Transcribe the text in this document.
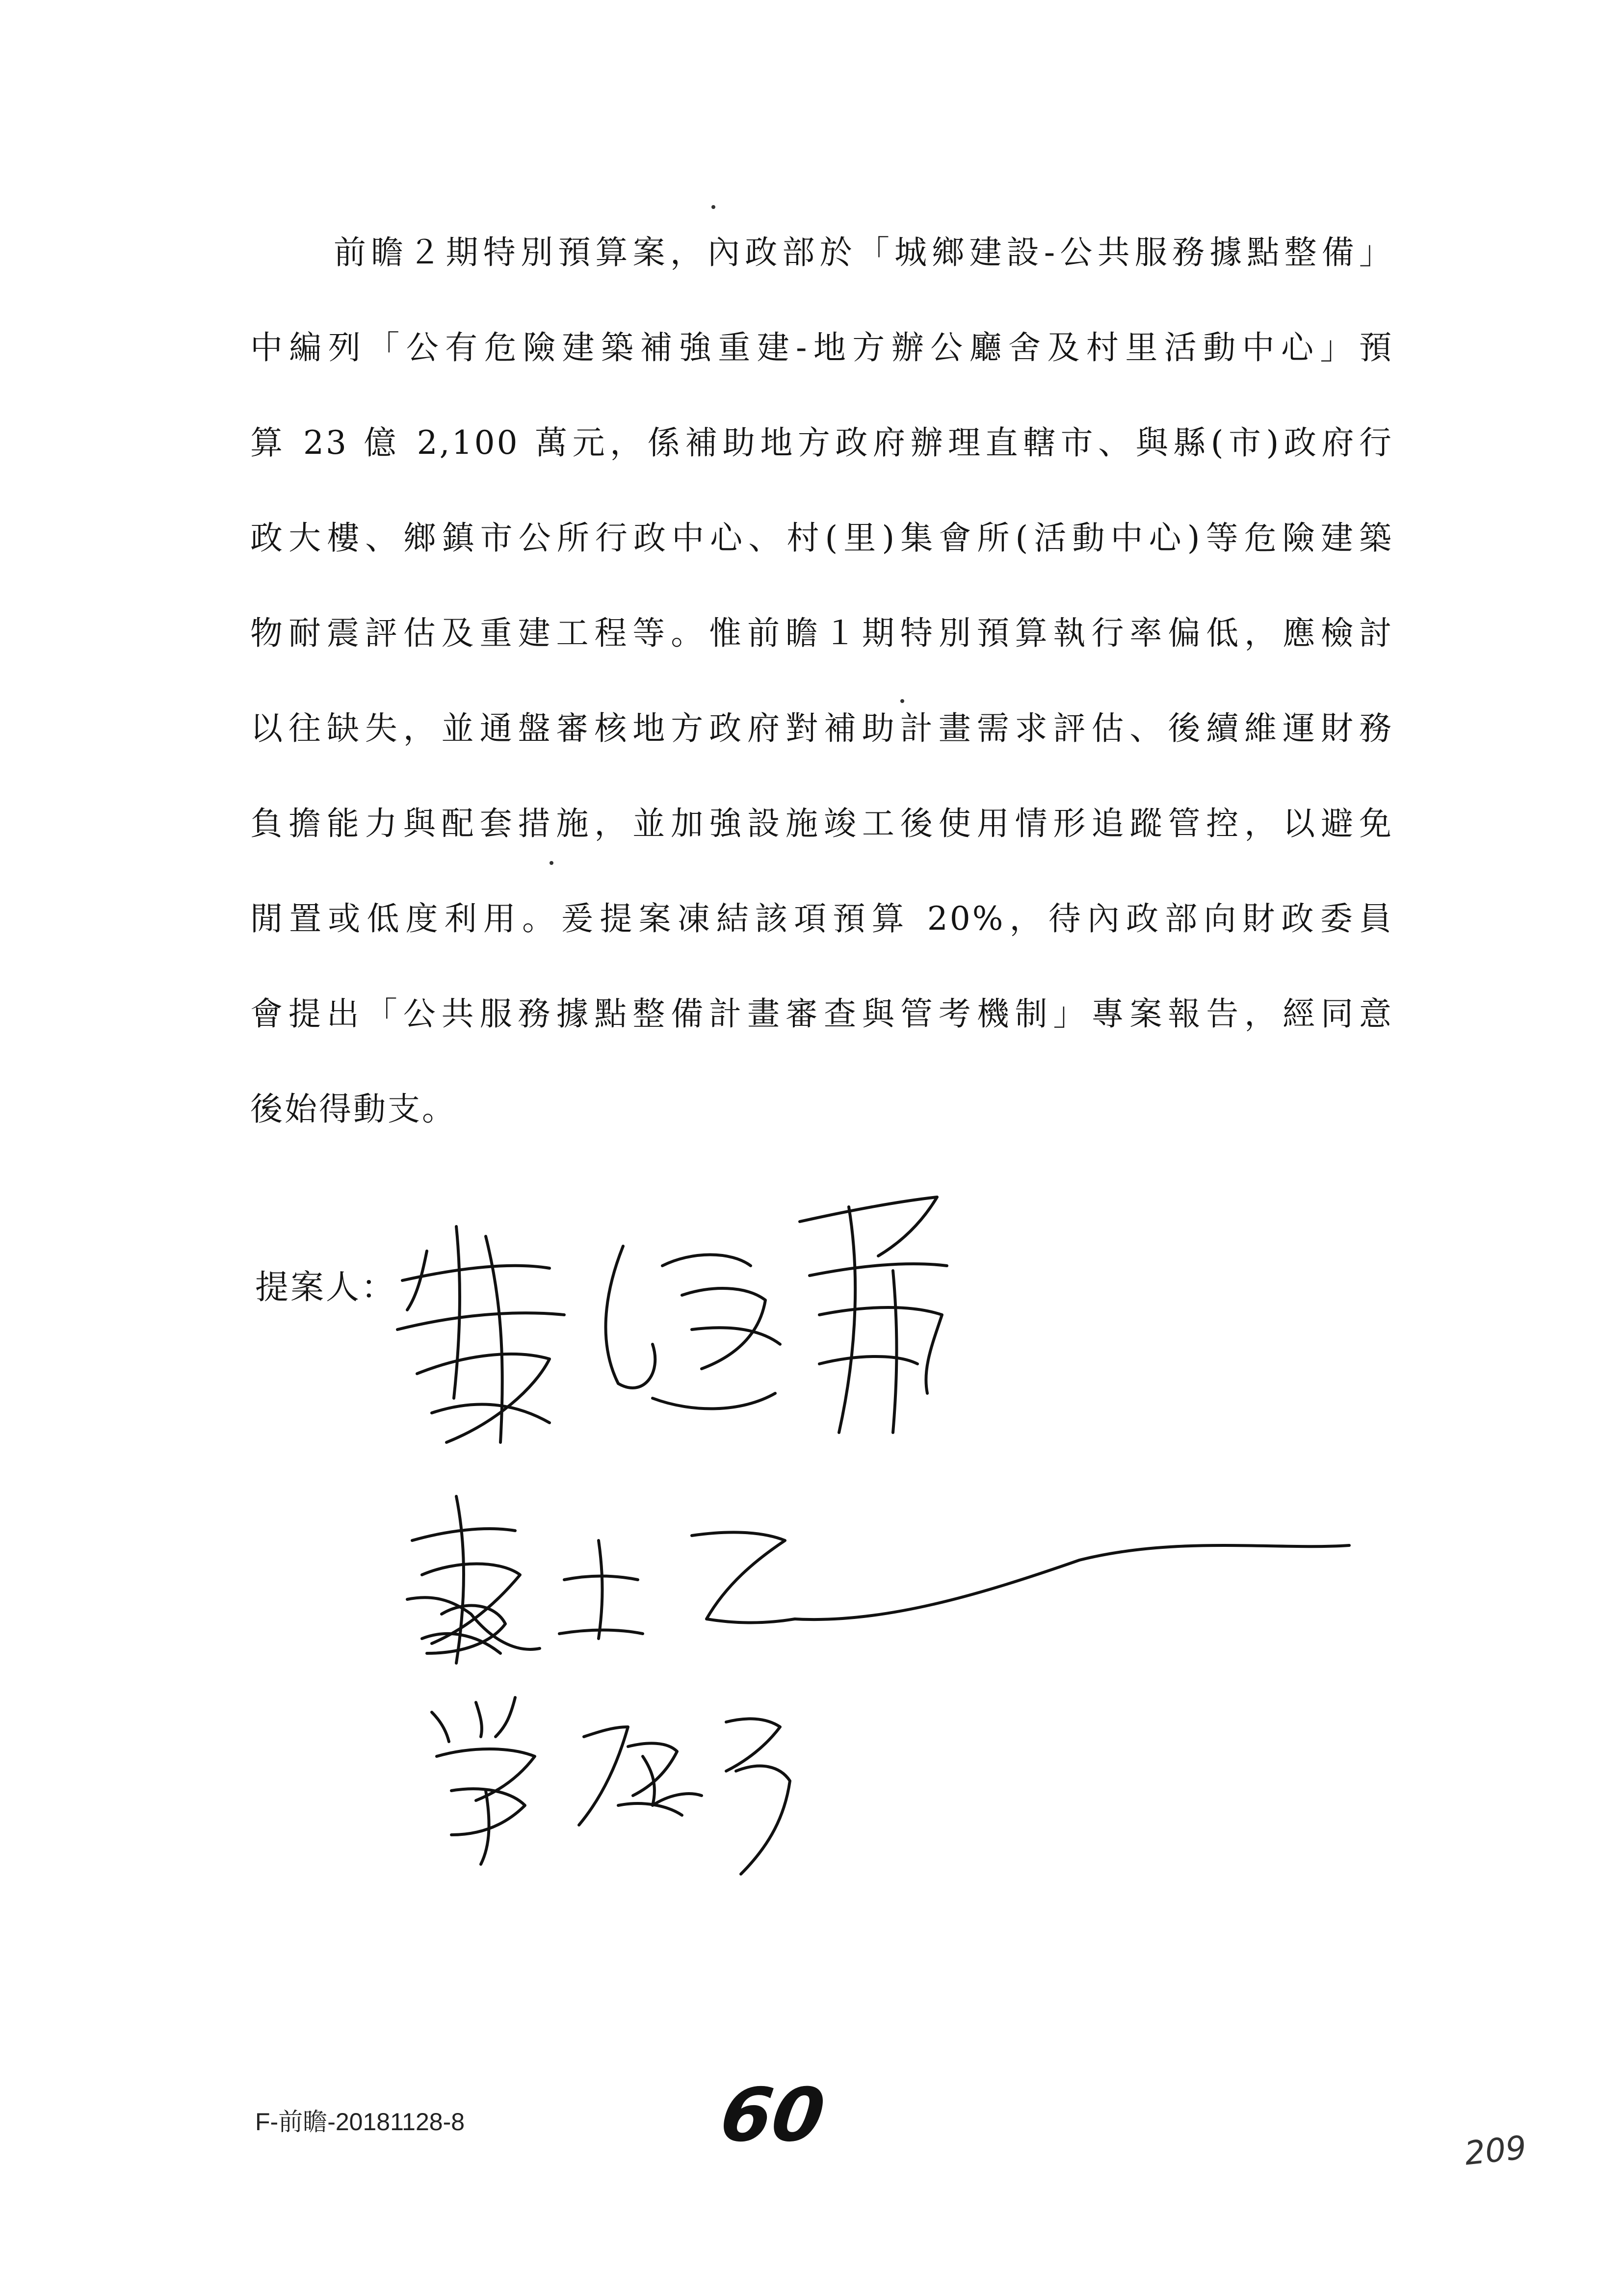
前瞻２期特別預算案，內政部於「城鄉建設-公共服務據點整備」
中編列「公有危險建築補強重建-地方辦公廳舍及村里活動中心」預
算 23 億 2,100 萬元，係補助地方政府辦理直轄市、與縣(市)政府行
政大樓、鄉鎮市公所行政中心、村(里)集會所(活動中心)等危險建築
物耐震評估及重建工程等。惟前瞻１期特別預算執行率偏低，應檢討
以往缺失，並通盤審核地方政府對補助計畫需求評估、後續維運財務
負擔能力與配套措施，並加強設施竣工後使用情形追蹤管控，以避免
閒置或低度利用。爰提案凍結該項預算 20%，待內政部向財政委員
會提出「公共服務據點整備計畫審查與管考機制」專案報告，經同意
後始得動支。
提案人：
F-前瞻-20181128-8	60	209
